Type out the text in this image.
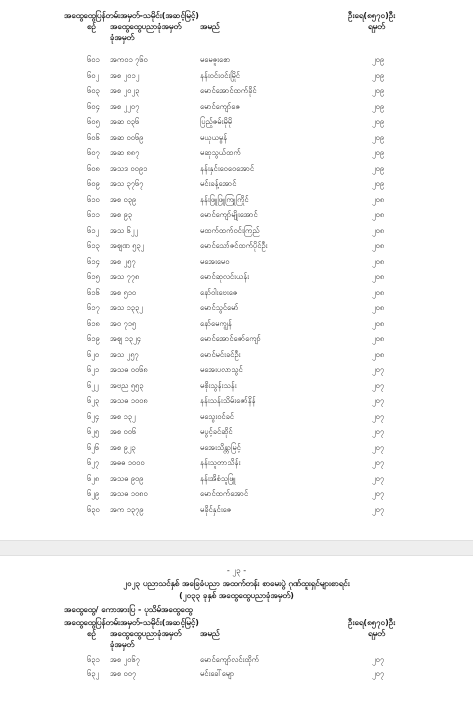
အထွေထွေပြန်တမ်းအမှတ်-သမိုင်း(အဆင့်မြင့်)	ဦးရေ(၈၅၇၀)ဦး
စဉ် အထွေထွေပညာခုံအမှတ် အမည်	ရမှတ်
ခုံအမှတ်
၆၀၁ အက၀၁ ၇၆၀	မမေဇူးစော	၂၀၉
၆၀၂ အစ ၂၀၁၂	နန်းဝင်းဝင်းမြိုင်	၂၀၉
၆၀၃ အစ ၂၀၂၃	မောင်အောင်ထက်ခိုင်	၂၀၉
၆၀၄ အစ ၂၂၀၇	မောင်ကျော်ဇေ	၂၀၉
၆၀၅ အဆ ၀၃၆	ပြည့်ဇမ်းမိုမို	၂၀၉
၆၀၆ အဆ ၀၀၆၉	မယုယမွန်	၂၀၉
၆၀၇ အဆ ၈၈၇	မဆုသွယ်ထက်	၂၀၉
၆၀၈ အသဒ ၀၀၉၁	နန်းနှင်းဝေဝေအောင်	၂၀၉
၆၀၉ အသ ၃၇၆၇	မင်းခန့်အောင်	၂၀၉
၆၁၀ အစ ၀၃၉	နန်းဖြူဖြူကြူကြိုင်	၂၀၈
၆၁၁ အစ ၉၃	မောင်ကျော်မျိုးအောင်	၂၀၈
၆၁၂ အသ ၆၂၂	မထက်ထက်ဝင်းကြည်	၂၀၈
၆၁၃ အဈဏ ၅၃၂	မောင်သော်ဇင်ထက်ပိုင်ဦး	၂၀၈
၆၁၄ အစ ၂၅၇	မအေးမေဝ	၂၀၈
၆၁၅ အသ ၇၇၈	မောင်ဆုလင်းယန်း	၂၀၈
၆၁၆ အစ ၅၁၀	နော်ဝါးဗေးဇေ	၂၀၈
၆၁၇ အသ ၁၃၃၂	မောင်သွင်မော်	၂၀၈
၆၁၈ အဝ ၇၁၅	နော်မေကျွန်	၂၀၈
၆၁၉ အဈ ၁၃၂၄	မောင်အောင်ဇော်ကျော်	၂၀၈
၆၂၀ အသ ၂၅၇	မောင်မင်းခင်ဦး	၂၀၈
၆၂၁ အသဓ ၀၀၆၈	မအေးပလာသွင်	၂၀၇
၆၂၂ အဗည ၅၅၃	မစိုးသွန်းသန်း	၂၀၇
၆၂၃ အသဓ ၁၀၀၈	နန်းသန်းသိမ်းဇော်နိန်	၂၀၇
၆၂၄ အစ ၁၃၂	မသွေးဝင်ခင်	၂၀၇
၆၂၅ အစ ၀၀၆	မပွင့်ခင်ဆိုင်	၂၀၇
၆၂၆ အစ ၉၂၃	မအေးသိန္တာမြင့်	၂၀၇
၆၂၇ အဓဓ ၁၀၀၀	နန်းသူတာသိန်း	၂၀၇
၆၂၈ အသဓ ၉၀၉	နန်းအိစံသူဖြူ	၂၀၇
၆၂၉ အသဓ ၁၀၈၀	မောင်ထက်အောင်	၂၀၇
၆၃၀ အက ၁၃၇၉	မခိုင်နှင်းဇေ	၂၀၇
- ၂၃ -
၂၀၂၃ ပညာသင်နှစ် အခြေခံပညာ အထက်တန်း စာမေးပွဲ ဂုဏ်ထူးရှင်များစာရင်း
(၂၀၃၃ ခုနှစ် အထွေထွေပညာခုံအမှတ်)
အထွေထွေ/ ကောအားပြ - ပုသိမ်အထွေထွေ
အထွေထွေပြန်တမ်းအမှတ်-သမိုင်း(အဆင့်မြင့်)	ဦးရေ(၈၅၇၀)ဦး
စဉ် အထွေထွေပညာခုံအမှတ် အမည်	ရမှတ်
ခုံအမှတ်
၆၃၁ အစ ၂၀၆၇	မောင်ကျော်လင်းထိုက်	၂၀၇
၆၃၂ အစ ၀၀၇	မင်းခေါ်မျော	၂၀၇
